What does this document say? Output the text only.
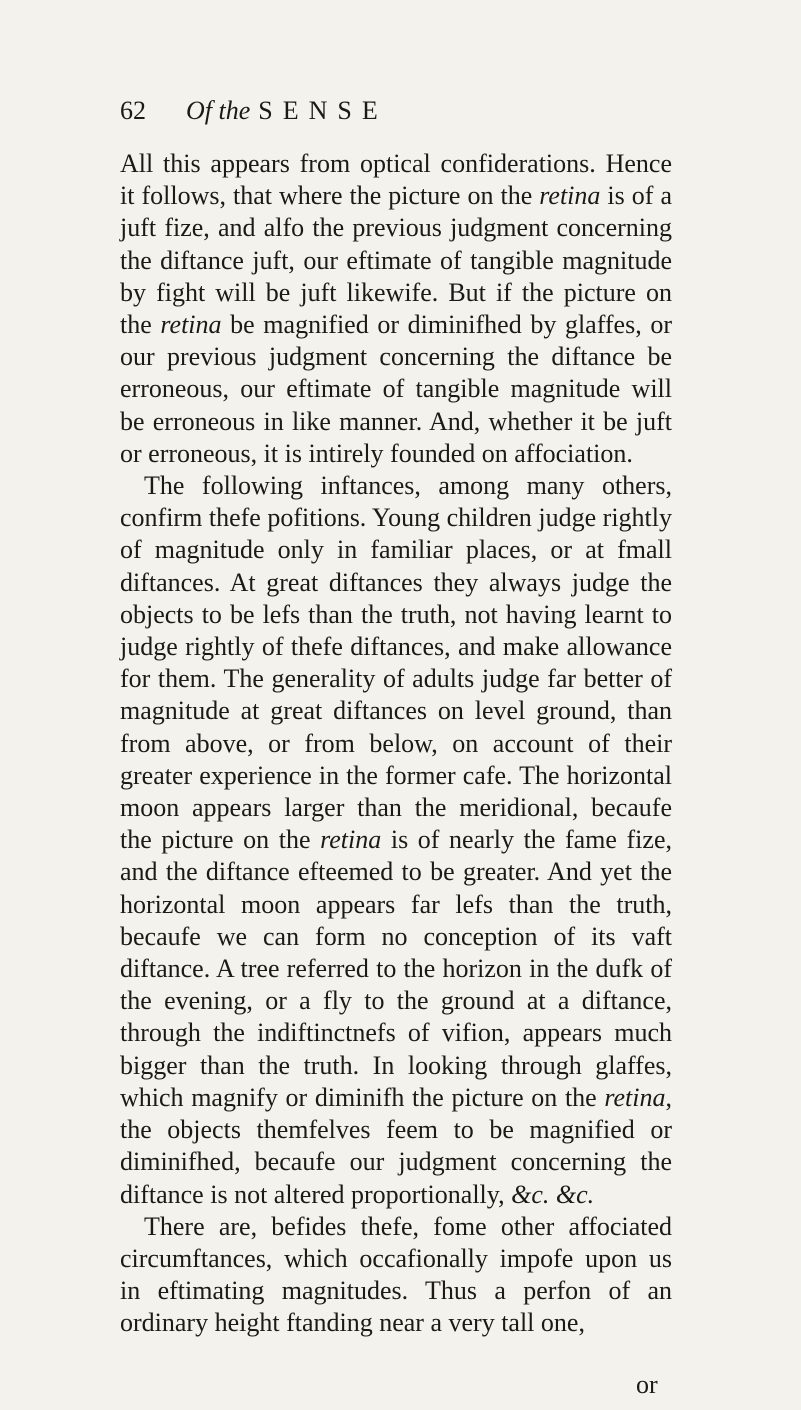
62 Of the SENSE

All this appears from optical confiderations. Hence it follows, that where the picture on the retina is of a juft fize, and alfo the previous judgment concerning the diftance juft, our eftimate of tangible magnitude by fight will be juft likewife. But if the picture on the retina be magnified or diminifhed by glaffes, or our previous judgment concerning the diftance be erroneous, our eftimate of tangible magnitude will be erroneous in like manner. And, whether it be juft or erroneous, it is intirely founded on affociation.

The following inftances, among many others, confirm thefe pofitions. Young children judge rightly of magnitude only in familiar places, or at fmall diftances. At great diftances they always judge the objects to be lefs than the truth, not having learnt to judge rightly of thefe diftances, and make allowance for them. The generality of adults judge far better of magnitude at great diftances on level ground, than from above, or from below, on account of their greater experience in the former cafe. The horizontal moon appears larger than the meridional, becaufe the picture on the retina is of nearly the fame fize, and the diftance efteemed to be greater. And yet the horizontal moon appears far lefs than the truth, becaufe we can form no conception of its vaft diftance. A tree referred to the horizon in the dufk of the evening, or a fly to the ground at a diftance, through the indiftinctnefs of vifion, appears much bigger than the truth. In looking through glaffes, which magnify or diminifh the picture on the retina, the objects themfelves feem to be magnified or diminifhed, becaufe our judgment concerning the diftance is not altered proportionally, &c. &c.

There are, befides thefe, fome other affociated circumftances, which occafionally impofe upon us in eftimating magnitudes. Thus a perfon of an ordinary height ftanding near a very tall one,

or
